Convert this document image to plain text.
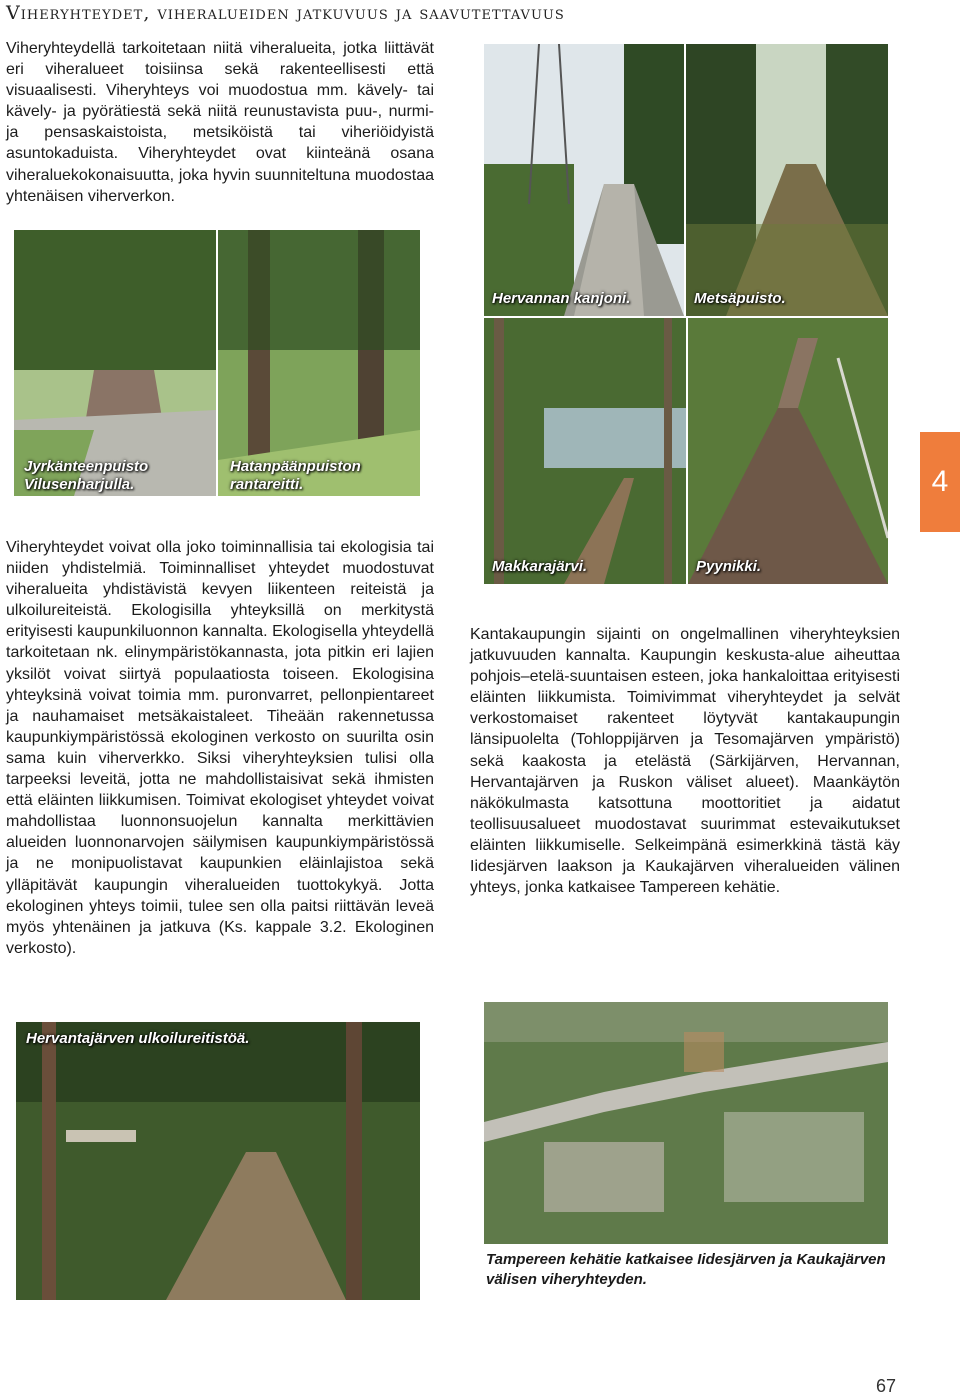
Viheryhteydet, viheralueiden jatkuvuus ja saavutettavuus

Viheryhteydellä tarkoitetaan niitä viheralueita, jotka liittävät eri viheralueet toisiinsa sekä rakenteellisesti että visuaalisesti. Viheryhteys voi muodostua mm. kävely- tai kävely- ja pyörätiestä sekä niitä reunustavista puu-, nurmi- ja pensaskaistoista, metsiköistä tai viheriöidyistä asuntokaduista. Viheryhteydet ovat kiinteänä osana viheraluekokonaisuutta, joka hyvin suunniteltuna muodostaa yhtenäisen viherverkon.

Hervannan kanjoni.	Metsäpuisto.
Jyrkänteenpuisto Vilusenharjulla.
Hatanpäänpuiston rantareitti.
Makkarajärvi.	Pyynikki.
4

Viheryhteydet voivat olla joko toiminnallisia tai ekologisia tai niiden yhdistelmiä. Toiminnalliset yhteydet muodostuvat viheralueita yhdistävistä kevyen liikenteen reiteistä ja ulkoilureiteistä. Ekologisilla yhteyksillä on merkitystä erityisesti kaupunkiluonnon kannalta. Ekologisella yhteydellä tarkoitetaan nk. elinympäristökannasta, jota pitkin eri lajien yksilöt voivat siirtyä populaatiosta toiseen. Ekologisina yhteyksinä voivat toimia mm. puronvarret, pellonpientareet ja nauhamaiset metsäkaistaleet. Tiheään rakennetussa kaupunkiympäristössä ekologinen verkosto on suurilta osin sama kuin viherverkko. Siksi viheryhteyksien tulisi olla tarpeeksi leveitä, jotta ne mahdollistaisivat sekä ihmisten että eläinten liikkumisen. Toimivat ekologiset yhteydet voivat mahdollistaa luonnonsuojelun kannalta merkittävien alueiden luonnonarvojen säilymisen kaupunkiympäristössä ja ne monipuolistavat kaupunkien eläinlajistoa sekä ylläpitävät kaupungin viheralueiden tuottokykyä. Jotta ekologinen yhteys toimii, tulee sen olla paitsi riittävän leveä myös yhtenäinen ja jatkuva (Ks. kappale 3.2. Ekologinen verkosto).

Kantakaupungin sijainti on ongelmallinen viheryhteyksien jatkuvuuden kannalta. Kaupungin keskusta-alue aiheuttaa pohjois–etelä-suuntaisen esteen, joka hankaloittaa erityisesti eläinten liikkumista. Toimivimmat viheryhteydet ja selvät verkostomaiset rakenteet löytyvät kantakaupungin länsipuolelta (Tohloppijärven ja Tesomajärven ympäristö) sekä kaakosta ja etelästä (Särkijärven, Hervannan, Hervantajärven ja Ruskon väliset alueet). Maankäytön näkökulmasta katsottuna moottoritiet ja aidatut teollisuusalueet muodostavat suurimmat estevaikutukset eläinten liikkumiselle. Selkeimpänä esimerkkinä tästä käy Iidesjärven laakson ja Kaukajärven viheralueiden välinen yhteys, jonka katkaisee Tampereen kehätie.

Hervantajärven ulkoilureitistöä.
Tampereen kehätie katkaisee Iidesjärven ja Kaukajärven välisen viheryhteyden.
67
